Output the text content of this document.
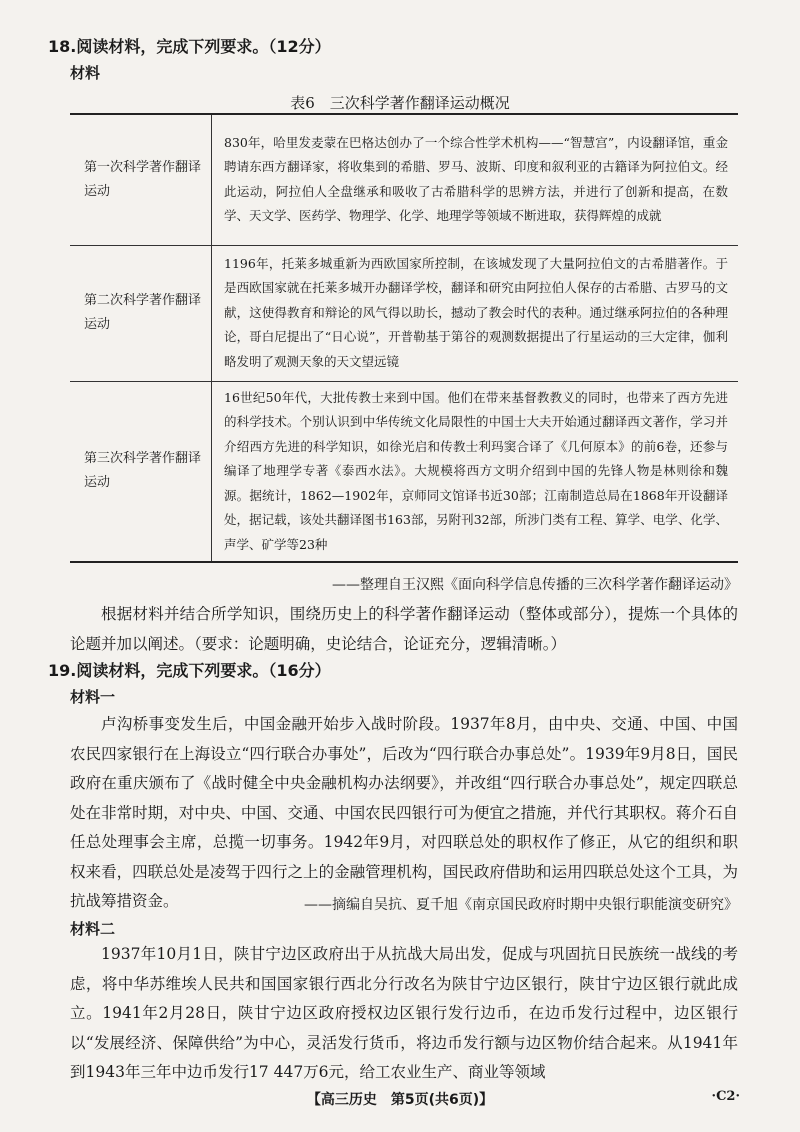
18.阅读材料，完成下列要求。（12分）
材料
表6　三次科学著作翻译运动概况
第一次科学著作翻译运动	830年，哈里发麦蒙在巴格达创办了一个综合性学术机构——“智慧宫”，内设翻译馆，重金聘请东西方翻译家，将收集到的希腊、罗马、波斯、印度和叙利亚的古籍译为阿拉伯文。经此运动，阿拉伯人全盘继承和吸收了古希腊科学的思辨方法，并进行了创新和提高，在数学、天文学、医药学、物理学、化学、地理学等领域不断进取，获得辉煌的成就
第二次科学著作翻译运动	1196年，托莱多城重新为西欧国家所控制，在该城发现了大量阿拉伯文的古希腊著作。于是西欧国家就在托莱多城开办翻译学校，翻译和研究由阿拉伯人保存的古希腊、古罗马的文献，这使得教育和辩论的风气得以助长，撼动了教会时代的表种。通过继承阿拉伯的各种理论，哥白尼提出了“日心说”，开普勒基于第谷的观测数据提出了行星运动的三大定律，伽利略发明了观测天象的天文望远镜
第三次科学著作翻译运动	16世纪50年代，大批传教士来到中国。他们在带来基督教教义的同时，也带来了西方先进的科学技术。个别认识到中华传统文化局限性的中国士大夫开始通过翻译西文著作，学习并介绍西方先进的科学知识，如徐光启和传教士利玛窦合译了《几何原本》的前6卷，还参与编译了地理学专著《泰西水法》。大规模将西方文明介绍到中国的先锋人物是林则徐和魏源。据统计，1862—1902年，京师同文馆译书近30部；江南制造总局在1868年开设翻译处，据记载，该处共翻译图书163部，另附刊32部，所涉门类有工程、算学、电学、化学、声学、矿学等23种
——整理自王汉熙《面向科学信息传播的三次科学著作翻译运动》
根据材料并结合所学知识，围绕历史上的科学著作翻译运动（整体或部分），提炼一个具体的论题并加以阐述。（要求：论题明确，史论结合，论证充分，逻辑清晰。）
19.阅读材料，完成下列要求。（16分）
材料一
卢沟桥事变发生后，中国金融开始步入战时阶段。1937年8月，由中央、交通、中国、中国农民四家银行在上海设立“四行联合办事处”，后改为“四行联合办事总处”。1939年9月8日，国民政府在重庆颁布了《战时健全中央金融机构办法纲要》，并改组“四行联合办事总处”，规定四联总处在非常时期，对中央、中国、交通、中国农民四银行可为便宜之措施，并代行其职权。蒋介石自任总处理事会主席，总揽一切事务。1942年9月，对四联总处的职权作了修正，从它的组织和职权来看，四联总处是凌驾于四行之上的金融管理机构，国民政府借助和运用四联总处这个工具，为抗战筹措资金。	——摘编自吴抗、夏千旭《南京国民政府时期中央银行职能演变研究》
材料二
1937年10月1日，陕甘宁边区政府出于从抗战大局出发，促成与巩固抗日民族统一战线的考虑，将中华苏维埃人民共和国国家银行西北分行改名为陕甘宁边区银行，陕甘宁边区银行就此成立。1941年2月28日，陕甘宁边区政府授权边区银行发行边币，在边币发行过程中，边区银行以“发展经济、保障供给”为中心，灵活发行货币，将边币发行额与边区物价结合起来。从1941年到1943年三年中边币发行17 447万6元，给工农业生产、商业等领域
【高三历史　第5页(共6页)】	·C2·
